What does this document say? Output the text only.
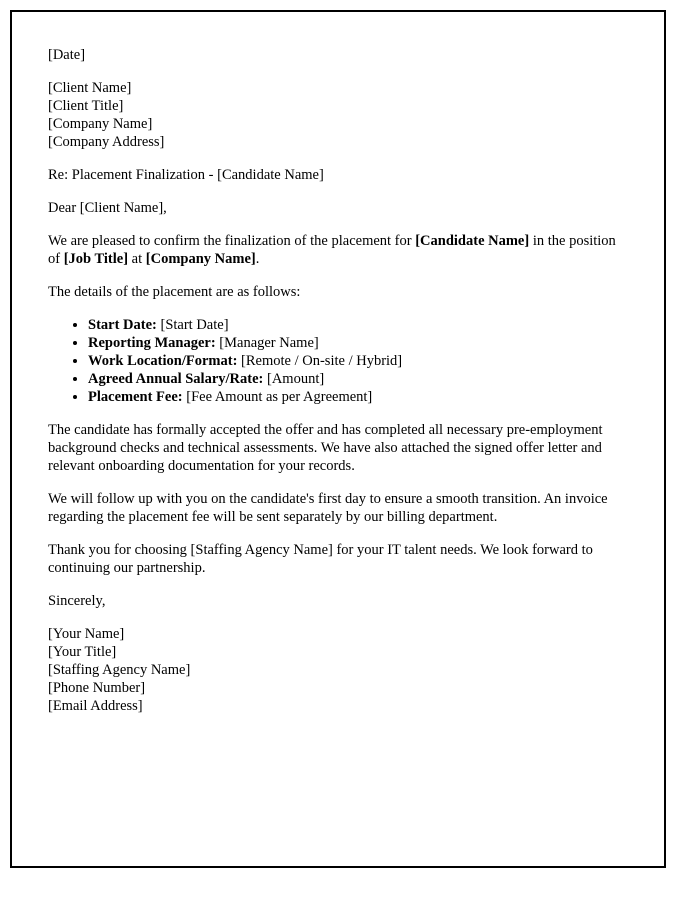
[Date]

[Client Name]
[Client Title]
[Company Name]
[Company Address]

Re: Placement Finalization - [Candidate Name]

Dear [Client Name],

We are pleased to confirm the finalization of the placement for [Candidate Name] in the position of [Job Title] at [Company Name].

The details of the placement are as follows:

• Start Date: [Start Date]
• Reporting Manager: [Manager Name]
• Work Location/Format: [Remote / On-site / Hybrid]
• Agreed Annual Salary/Rate: [Amount]
• Placement Fee: [Fee Amount as per Agreement]

The candidate has formally accepted the offer and has completed all necessary pre-employment background checks and technical assessments. We have also attached the signed offer letter and relevant onboarding documentation for your records.

We will follow up with you on the candidate's first day to ensure a smooth transition. An invoice regarding the placement fee will be sent separately by our billing department.

Thank you for choosing [Staffing Agency Name] for your IT talent needs. We look forward to continuing our partnership.

Sincerely,

[Your Name]
[Your Title]
[Staffing Agency Name]
[Phone Number]
[Email Address]
